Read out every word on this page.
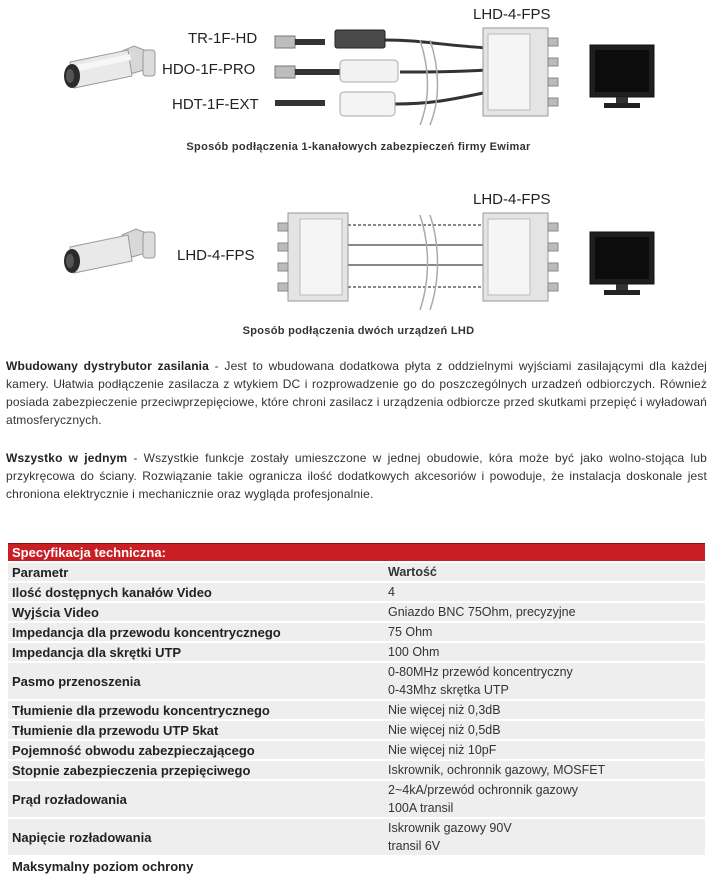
TR-1F-HD
HDO-1F-PRO
HDT-1F-EXT
LHD-4-FPS
Sposób podłączenia 1-kanałowych zabezpieczeń firmy Ewimar
LHD-4-FPS
LHD-4-FPS
Sposób podłączenia dwóch urządzeń LHD
Wbudowany dystrybutor zasilania - Jest to wbudowana dodatkowa płyta z oddzielnymi wyjściami zasilającymi dla każdej kamery. Ułatwia podłączenie zasilacza z wtykiem DC i rozprowadzenie go do poszczególnych urzadzeń odbiorczych. Również posiada zabezpieczenie przeciwprzepięciowe, które chroni zasilacz i urządzenia odbiorcze przed skutkami przepięć i wyładowań atmosferycznych.
Wszystko w jednym - Wszystkie funkcje zostały umieszczone w jednej obudowie, kóra może być jako wolno-stojąca lub przykręcowa do ściany. Rozwiązanie takie ogranicza ilość dodatkowych akcesoriów i powoduje, że instalacja doskonale jest chroniona elektrycznie i mechanicznie oraz wygląda profesjonalnie.
Specyfikacja techniczna:	
Parametr	Wartość
Ilość dostępnych kanałów Video	4

Wyjścia Video	Gniazdo BNC 75Ohm, precyzyjne

Impedancja dla przewodu koncentrycznego	75 Ohm

Impedancja dla skrętki UTP	100 Ohm

Pasmo przenoszenia	0-80MHz przewód koncentryczny
0-43Mhz skrętka UTP

Tłumienie dla przewodu koncentrycznego	Nie więcej niż 0,3dB

Tłumienie dla przewodu UTP 5kat	Nie więcej niż 0,5dB

Pojemność obwodu zabezpieczającego	Nie więcej niż 10pF

Stopnie zabezpieczenia przepięciwego	Iskrownik, ochronnik gazowy, MOSFET

Prąd rozładowania	2~4kA/przewód ochronnik gazowy
100A transil

Napięcie rozładowania	Iskrownik gazowy 90V
transil 6V

Maksymalny poziom ochrony	
